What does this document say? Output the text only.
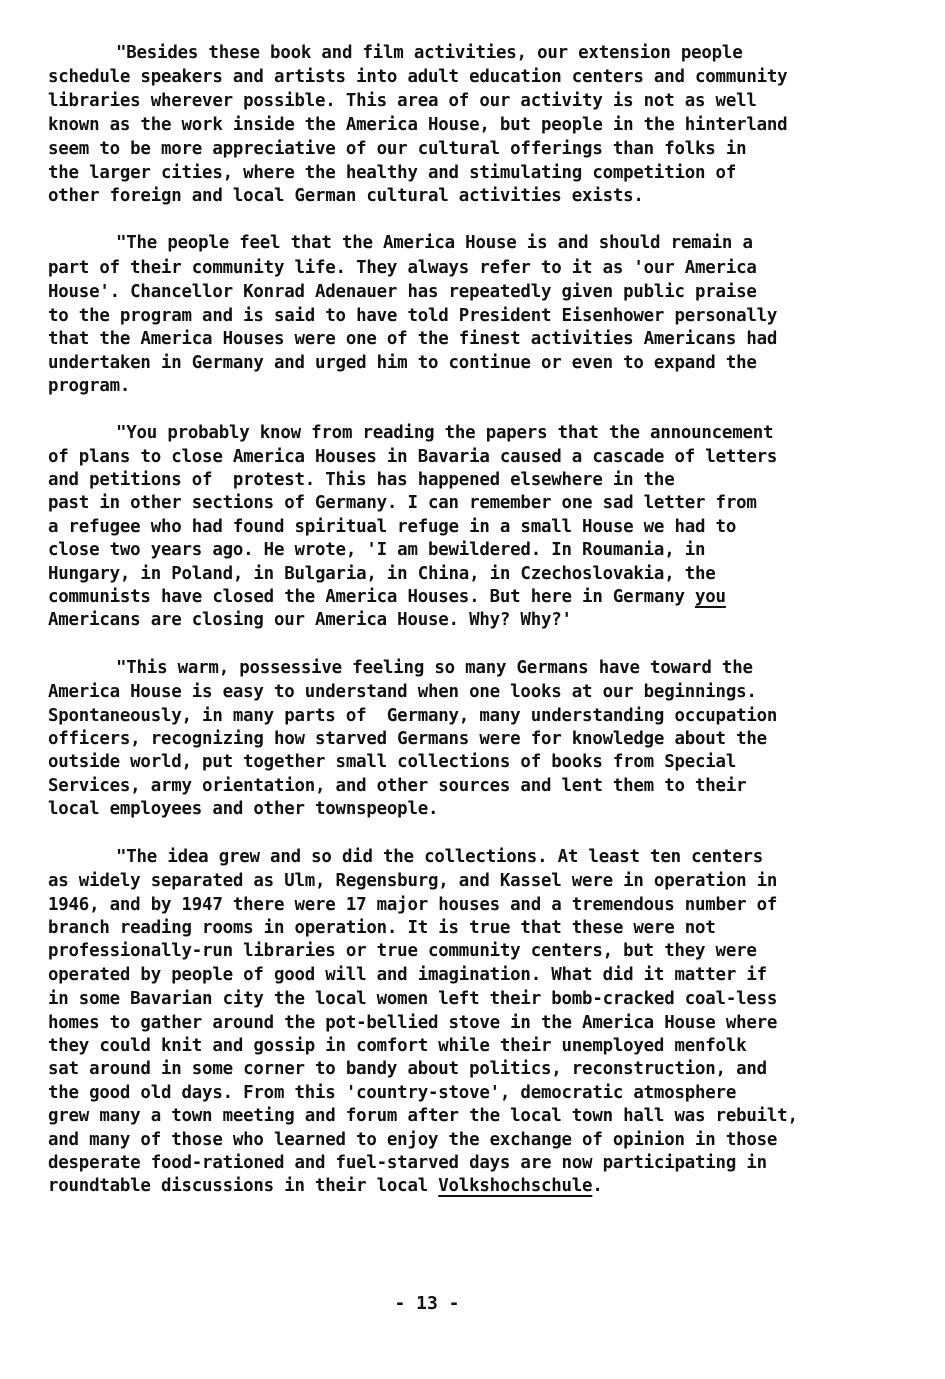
"Besides these book and film activities, our extension people

schedule speakers and artists into adult education centers and community

libraries wherever possible. This area of our activity is not as well

known as the work inside the America House, but people in the hinterland

seem to be more appreciative of our cultural offerings than folks in

the larger cities, where the healthy and stimulating competition of

other foreign and local German cultural activities exists.

"The people feel that the America House is and should remain a

part of their community life. They always refer to it as 'our America

House'. Chancellor Konrad Adenauer has repeatedly given public praise

to the program and is said to have told President Eisenhower personally

that the America Houses were one of the finest activities Americans had

undertaken in Germany and urged him to continue or even to expand the

program.

"You probably know from reading the papers that the announcement

of plans to close America Houses in Bavaria caused a cascade of letters

and petitions of  protest. This has happened elsewhere in the

past in other sections of Germany. I can remember one sad letter from

a refugee who had found spiritual refuge in a small House we had to

close two years ago. He wrote, 'I am bewildered. In Roumania, in

Hungary, in Poland, in Bulgaria, in China, in Czechoslovakia, the

communists have closed the America Houses. But here in Germany you

Americans are closing our America House. Why? Why?'

"This warm, possessive feeling so many Germans have toward the

America House is easy to understand when one looks at our beginnings.

Spontaneously, in many parts of  Germany, many understanding occupation

officers, recognizing how starved Germans were for knowledge about the

outside world, put together small collections of books from Special

Services, army orientation, and other sources and lent them to their

local employees and other townspeople.

"The idea grew and so did the collections. At least ten centers

as widely separated as Ulm, Regensburg, and Kassel were in operation in

1946, and by 1947 there were 17 major houses and a tremendous number of

branch reading rooms in operation. It is true that these were not

professionally-run libraries or true community centers, but they were

operated by people of good will and imagination. What did it matter if

in some Bavarian city the local women left their bomb-cracked coal-less

homes to gather around the pot-bellied stove in the America House where

they could knit and gossip in comfort while their unemployed menfolk

sat around in some corner to bandy about politics, reconstruction, and

the good old days. From this 'country-stove', democratic atmosphere

grew many a town meeting and forum after the local town hall was rebuilt,

and many of those who learned to enjoy the exchange of opinion in those

desperate food-rationed and fuel-starved days are now participating in

roundtable discussions in their local Volkshochschule.

- 13 -
